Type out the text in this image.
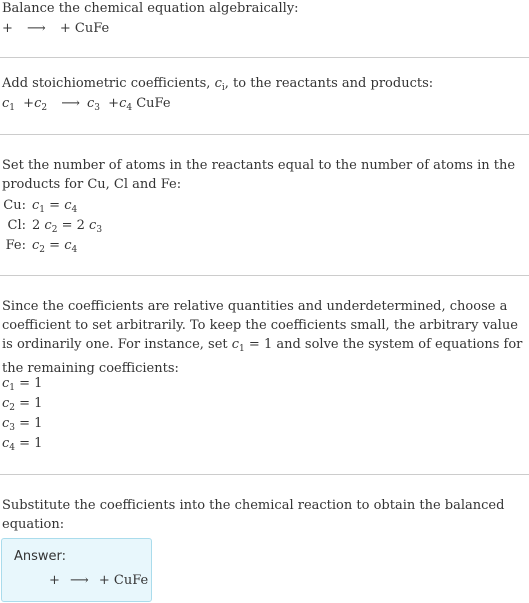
Balance the chemical equation algebraically:
+ ⟶ + CuFe
Add stoichiometric coefficients, $c_i$, to the reactants and products:
$c_1 +c_2$ ⟶ $c_3 +c_4$ CuFe
Set the number of atoms in the reactants equal to the number of atoms in the products for Cu, Cl and Fe:
Cu: $c_1 = c_4$
Cl: 2 $c_2 = 2$ $c_3$
Fe: $c_2 = c_4$
Since the coefficients are relative quantities and underdetermined, choose a coefficient to set arbitrarily. To keep the coefficients small, the arbitrary value is ordinarily one. For instance, set $c_1 = 1$ and solve the system of equations for the remaining coefficients:
$c_1 = 1$
$c_2 = 1$
$c_3 = 1$
$c_4 = 1$
Substitute the coefficients into the chemical reaction to obtain the balanced equation:
Answer:
+ ⟶ + CuFe
